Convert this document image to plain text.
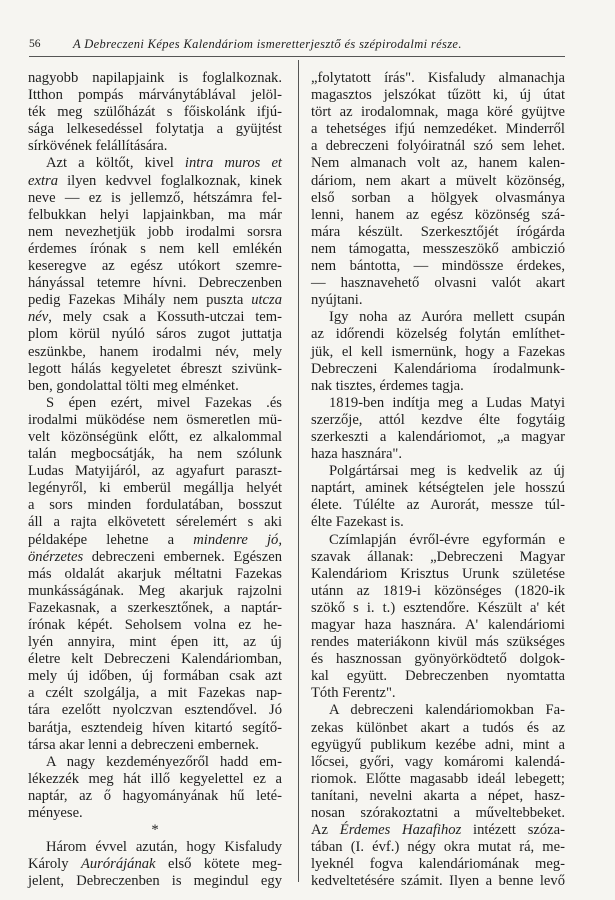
56	A Debreczeni Képes Kalendáriom ismeretterjesztő és szépirodalmi része.
nagyobb napilapjaink is foglalkoznak.
Itthon pompás márványtáblával jelöl-
ték meg szülőházát s főiskolánk ifjú-
sága lelkesedéssel folytatja a gyüjtést
sírkövének felállítására.
Azt a költőt, kivel intra muros et
extra ilyen kedvvel foglalkoznak, kinek
neve — ez is jellemző, hétszámra fel-
felbukkan helyi lapjainkban, ma már
nem nevezhetjük jobb irodalmi sorsra
érdemes írónak s nem kell emlékén
keseregve az egész utókort szemre-
hányással tetemre hívni. Debreczenben
pedig Fazekas Mihály nem puszta utcza
név, mely csak a Kossuth-utczai tem-
plom körül nyúló sáros zugot juttatja
eszünkbe, hanem irodalmi név, mely
legott hálás kegyeletet ébreszt szivünk-
ben, gondolattal tölti meg elménket.
S épen ezért, mivel Fazekas .és
irodalmi müködése nem ösmeretlen mü-
velt közönségünk előtt, ez alkalommal
talán megbocsátják, ha nem szólunk
Ludas Matyijáról, az agyafurt paraszt-
legényről, ki emberül megállja helyét
a sors minden fordulatában, bosszut
áll a rajta elkövetett sérelemért s aki
példaképe lehetne a mindenre jó,
önérzetes debreczeni embernek. Egészen
más oldalát akarjuk méltatni Fazekas
munkásságának. Meg akarjuk rajzolni
Fazekasnak, a szerkesztőnek, a naptár-
írónak képét. Seholsem volna ez he-
lyén annyira, mint épen itt, az új
életre kelt Debreczeni Kalendáriomban,
mely új időben, új formában csak azt
a czélt szolgálja, a mit Fazekas nap-
tára ezelőtt nyolczvan esztendővel. Jó
barátja, esztendeig híven kitartó segítő-
társa akar lenni a debreczeni embernek.
A nagy kezdeményezőről hadd em-
lékezzék meg hát illő kegyelettel ez a
naptár, az ő hagyományának hű leté-
ményese.
*
Három évvel azután, hogy Kisfaludy
Károly Aurórájának első kötete meg-
jelent, Debreczenben is megindul egy
„folytatott írás". Kisfaludy almanachja
magasztos jelszókat tűzött ki, új útat
tört az irodalomnak, maga köré gyüjtve
a tehetséges ifjú nemzedéket. Minderről
a debreczeni folyóiratnál szó sem lehet.
Nem almanach volt az, hanem kalen-
dáriom, nem akart a müvelt közönség,
első sorban a hölgyek olvasmánya
lenni, hanem az egész közönség szá-
mára készült. Szerkesztőjét írógárda
nem támogatta, messzeszökő ambiczió
nem bántotta, — mindössze érdekes,
— hasznavehető olvasni valót akart
nyújtani.
Igy noha az Auróra mellett csupán
az időrendi közelség folytán említhet-
jük, el kell ismernünk, hogy a Fazekas
Debreczeni Kalendárioma írodalmunk-
nak tisztes, érdemes tagja.
1819-ben indítja meg a Ludas Matyi
szerzője, attól kezdve élte fogytáig
szerkeszti a kalendáriomot, „a magyar
haza hasznára".
Polgártársai meg is kedvelik az új
naptárt, aminek kétségtelen jele hosszú
élete. Túlélte az Aurorát, messze túl-
élte Fazekast is.
Czímlapján évről-évre egyformán e
szavak állanak: „Debreczeni Magyar
Kalendáriom Krisztus Urunk születése
utánn az 1819-i közönséges (1820-ik
szökő s i. t.) esztendőre. Készült a' két
magyar haza hasznára. A' kalendáriomi
rendes materiákonn kivül más szükséges
és hasznossan gyönyörködtető dolgok-
kal együtt. Debreczenben nyomtatta
Tóth Ferentz".
A debreczeni kalendáriomokban Fa-
zekas különbet akart a tudós és az
együgyű publikum kezébe adni, mint a
lőcsei, győri, vagy komáromi kalendá-
riomok. Előtte magasabb ideál lebegett;
tanítani, nevelni akarta a népet, hasz-
nosan szórakoztatni a műveltebbeket.
Az Érdemes Hazafihoz intézett szóza-
tában (I. évf.) négy okra mutat rá, me-
lyeknél fogva kalendáriomának meg-
kedveltetésére számit. Ilyen a benne levő
